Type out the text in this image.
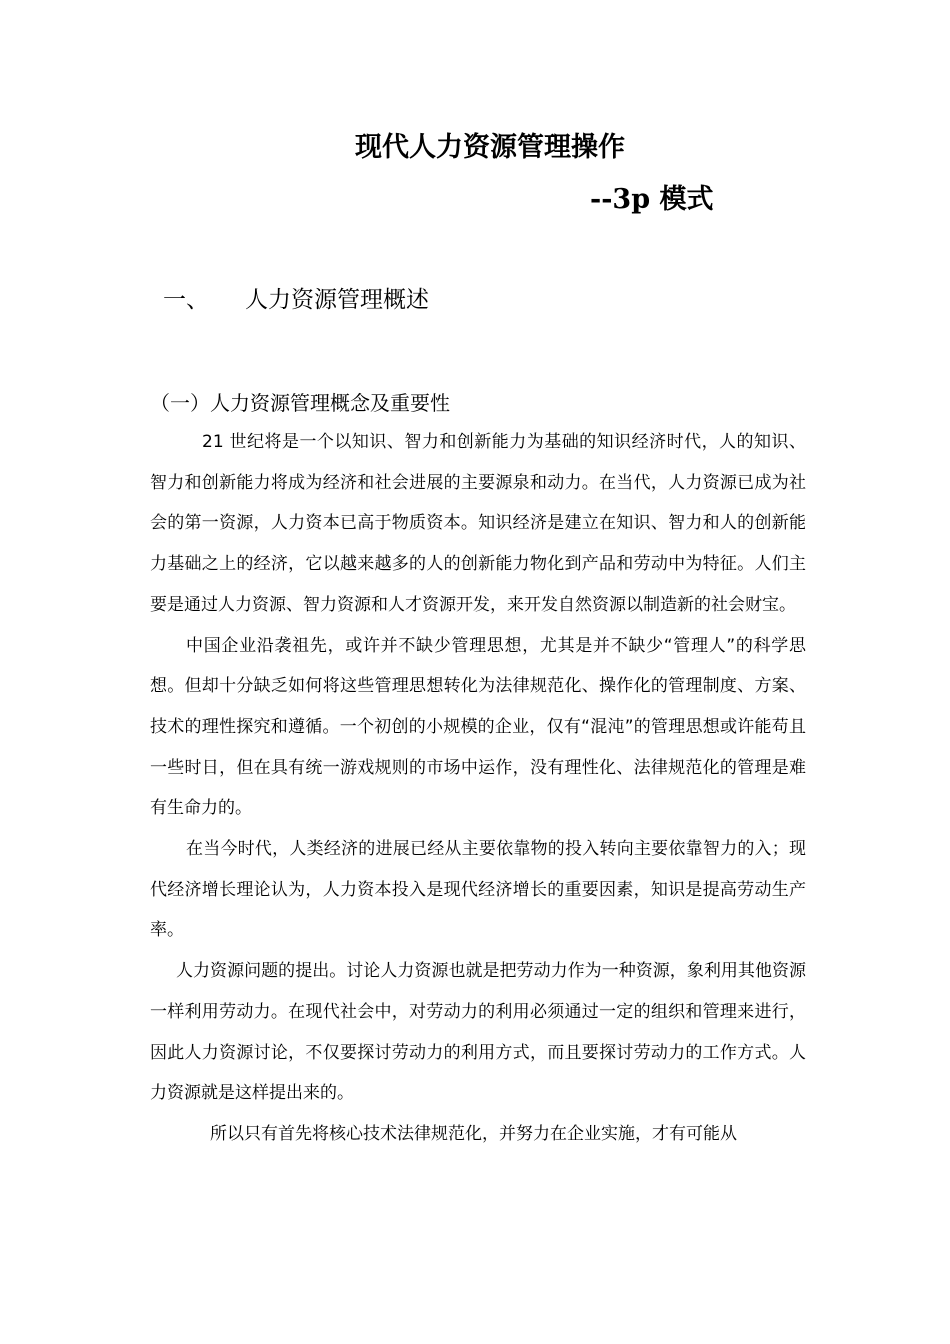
现代人力资源管理操作
--3p 模式
一、 人力资源管理概述
（一）人力资源管理概念及重要性

21 世纪将是一个以知识、智力和创新能力为基础的知识经济时代，人的知识、智力和创新能力将成为经济和社会进展的主要源泉和动力。在当代，人力资源已成为社会的第一资源，人力资本已高于物质资本。知识经济是建立在知识、智力和人的创新能力基础之上的经济，它以越来越多的人的创新能力物化到产品和劳动中为特征。人们主要是通过人力资源、智力资源和人才资源开发，来开发自然资源以制造新的社会财宝。

中国企业沿袭祖先，或许并不缺少管理思想，尤其是并不缺少“管理人”的科学思想。但却十分缺乏如何将这些管理思想转化为法律规范化、操作化的管理制度、方案、技术的理性探究和遵循。一个初创的小规模的企业，仅有“混沌”的管理思想或许能苟且一些时日，但在具有统一游戏规则的市场中运作，没有理性化、法律规范化的管理是难有生命力的。

在当今时代，人类经济的进展已经从主要依靠物的投入转向主要依靠智力的入；现代经济增长理论认为，人力资本投入是现代经济增长的重要因素，知识是提高劳动生产率。

人力资源问题的提出。讨论人力资源也就是把劳动力作为一种资源，象利用其他资源一样利用劳动力。在现代社会中，对劳动力的利用必须通过一定的组织和管理来进行，因此人力资源讨论，不仅要探讨劳动力的利用方式，而且要探讨劳动力的工作方式。人力资源就是这样提出来的。

所以只有首先将核心技术法律规范化，并努力在企业实施，才有可能从
